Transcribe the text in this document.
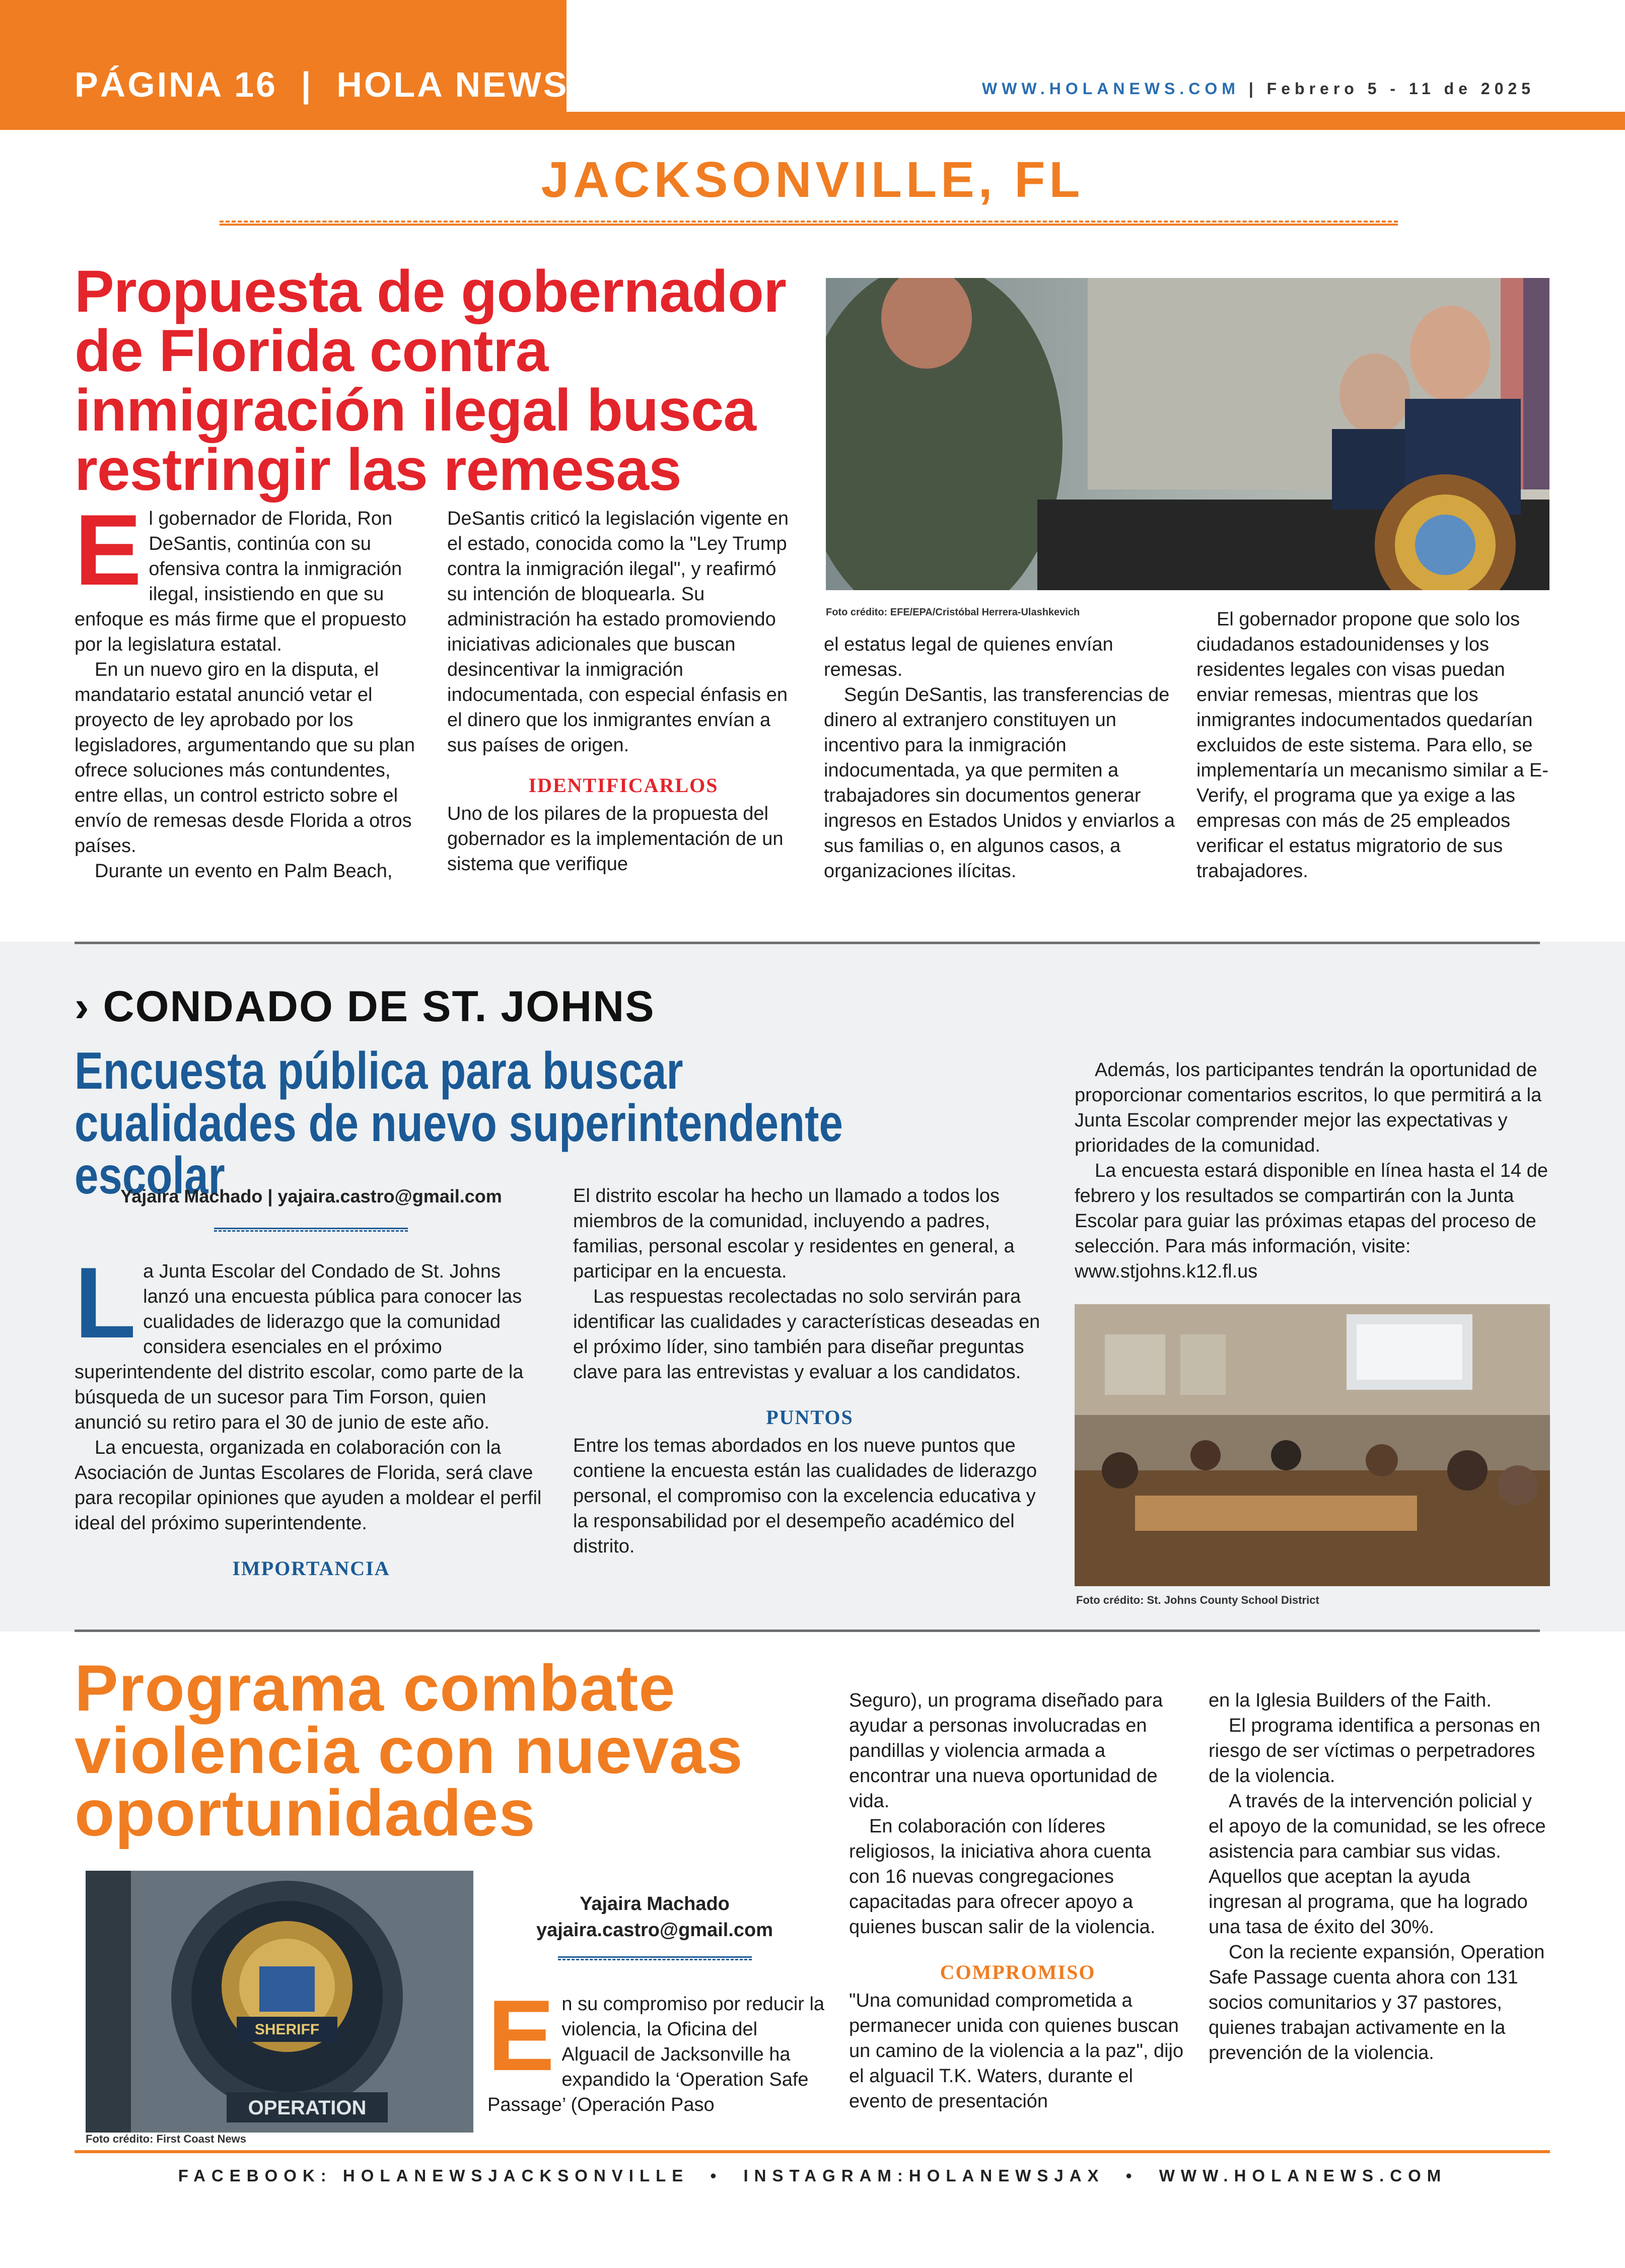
PÁGINA 16  |  HOLA NEWS	WWW.HOLANEWS.COM | Febrero 5 - 11 de 2025
JACKSONVILLE, FL
Propuesta de gobernador de Florida contra inmigración ilegal busca restringir las remesas
Foto crédito: EFE/EPA/Cristóbal Herrera-Ulashkevich
E l gobernador de Florida, Ron DeSantis, continúa con su ofensiva contra la inmigración ilegal, insistiendo en que su enfoque es más firme que el propuesto por la legislatura estatal.

En un nuevo giro en la disputa, el mandatario estatal anunció vetar el proyecto de ley aprobado por los legisladores, argumentando que su plan ofrece soluciones más contundentes, entre ellas, un control estricto sobre el envío de remesas desde Florida a otros países.

Durante un evento en Palm Beach,

DeSantis criticó la legislación vigente en el estado, conocida como la "Ley Trump contra la inmigración ilegal", y reafirmó su intención de bloquearla. Su administración ha estado promoviendo iniciativas adicionales que buscan desincentivar la inmigración indocumentada, con especial énfasis en el dinero que los inmigrantes envían a sus países de origen.

IDENTIFICARLOS

Uno de los pilares de la propuesta del gobernador es la implementación de un sistema que verifique

el estatus legal de quienes envían remesas.

Según DeSantis, las transferencias de dinero al extranjero constituyen un incentivo para la inmigración indocumentada, ya que permiten a trabajadores sin documentos generar ingresos en Estados Unidos y enviarlos a sus familias o, en algunos casos, a organizaciones ilícitas.

El gobernador propone que solo los ciudadanos estadounidenses y los residentes legales con visas puedan enviar remesas, mientras que los inmigrantes indocumentados quedarían excluidos de este sistema. Para ello, se implementaría un mecanismo similar a E-Verify, el programa que ya exige a las empresas con más de 25 empleados verificar el estatus migratorio de sus trabajadores.

› CONDADO DE ST. JOHNS
Encuesta pública para buscar cualidades de nuevo superintendente escolar
Yajaira Machado | yajaira.castro@gmail.com
L a Junta Escolar del Condado de St. Johns lanzó una encuesta pública para conocer las cualidades de liderazgo que la comunidad considera esenciales en el próximo superintendente del distrito escolar, como parte de la búsqueda de un sucesor para Tim Forson, quien anunció su retiro para el 30 de junio de este año.

La encuesta, organizada en colaboración con la Asociación de Juntas Escolares de Florida, será clave para recopilar opiniones que ayuden a moldear el perfil ideal del próximo superintendente.

IMPORTANCIA

El distrito escolar ha hecho un llamado a todos los miembros de la comunidad, incluyendo a padres, familias, personal escolar y residentes en general, a participar en la encuesta.

Las respuestas recolectadas no solo servirán para identificar las cualidades y características deseadas en el próximo líder, sino también para diseñar preguntas clave para las entrevistas y evaluar a los candidatos.

PUNTOS

Entre los temas abordados en los nueve puntos que contiene la encuesta están las cualidades de liderazgo personal, el compromiso con la excelencia educativa y la responsabilidad por el desempeño académico del distrito.

Además, los participantes tendrán la oportunidad de proporcionar comentarios escritos, lo que permitirá a la Junta Escolar comprender mejor las expectativas y prioridades de la comunidad.

La encuesta estará disponible en línea hasta el 14 de febrero y los resultados se compartirán con la Junta Escolar para guiar las próximas etapas del proceso de selección. Para más información, visite: www.stjohns.k12.fl.us

Foto crédito: St. Johns County School District
Programa combate violencia con nuevas oportunidades
SHERIFF
OPERATION
Foto crédito: First Coast News
Yajaira Machado
yajaira.castro@gmail.com
E n su compromiso por reducir la violencia, la Oficina del Alguacil de Jacksonville ha expandido la ‘Operation Safe Passage’ (Operación Paso

Seguro), un programa diseñado para ayudar a personas involucradas en pandillas y violencia armada a encontrar una nueva oportunidad de vida.

En colaboración con líderes religiosos, la iniciativa ahora cuenta con 16 nuevas congregaciones capacitadas para ofrecer apoyo a quienes buscan salir de la violencia.

COMPROMISO

"Una comunidad comprometida a permanecer unida con quienes buscan un camino de la violencia a la paz", dijo el alguacil T.K. Waters, durante el evento de presentación

en la Iglesia Builders of the Faith.

El programa identifica a personas en riesgo de ser víctimas o perpetradores de la violencia.

A través de la intervención policial y el apoyo de la comunidad, se les ofrece asistencia para cambiar sus vidas. Aquellos que aceptan la ayuda ingresan al programa, que ha logrado una tasa de éxito del 30%.

Con la reciente expansión, Operation Safe Passage cuenta ahora con 131 socios comunitarios y 37 pastores, quienes trabajan activamente en la prevención de la violencia.

FACEBOOK: HOLANEWSJACKSONVILLE  •  INSTAGRAM:HOLANEWSJAX  •  WWW.HOLANEWS.COM
